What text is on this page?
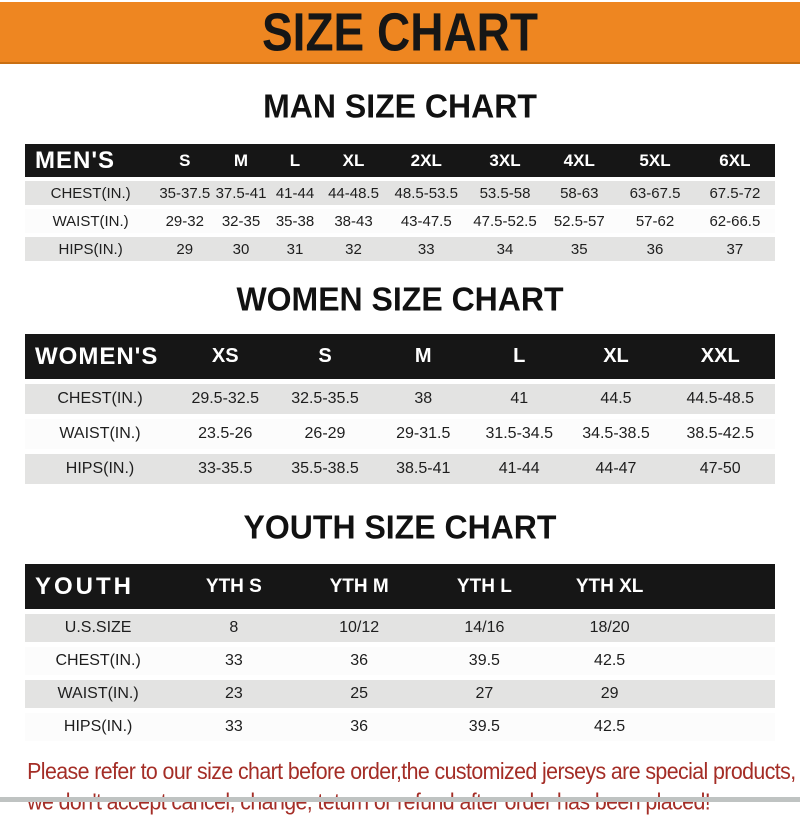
SIZE CHART
MAN SIZE CHART
MEN'S	S	M	L	XL	2XL	3XL	4XL	5XL	6XL
CHEST(IN.)	35-37.5	37.5-41	41-44	44-48.5	48.5-53.5	53.5-58	58-63	63-67.5	67.5-72
WAIST(IN.)	29-32	32-35	35-38	38-43	43-47.5	47.5-52.5	52.5-57	57-62	62-66.5
HIPS(IN.)	29	30	31	32	33	34	35	36	37
WOMEN SIZE CHART
WOMEN'S	XS	S	M	L	XL	XXL
CHEST(IN.)	29.5-32.5	32.5-35.5	38	41	44.5	44.5-48.5
WAIST(IN.)	23.5-26	26-29	29-31.5	31.5-34.5	34.5-38.5	38.5-42.5
HIPS(IN.)	33-35.5	35.5-38.5	38.5-41	41-44	44-47	47-50
YOUTH SIZE CHART
YOUTH	YTH S	YTH M	YTH L	YTH XL	
U.S.SIZE	8	10/12	14/16	18/20	
CHEST(IN.)	33	36	39.5	42.5	
WAIST(IN.)	23	25	27	29	
HIPS(IN.)	33	36	39.5	42.5	
Please refer to our size chart before order,the customized jerseys are special products,
